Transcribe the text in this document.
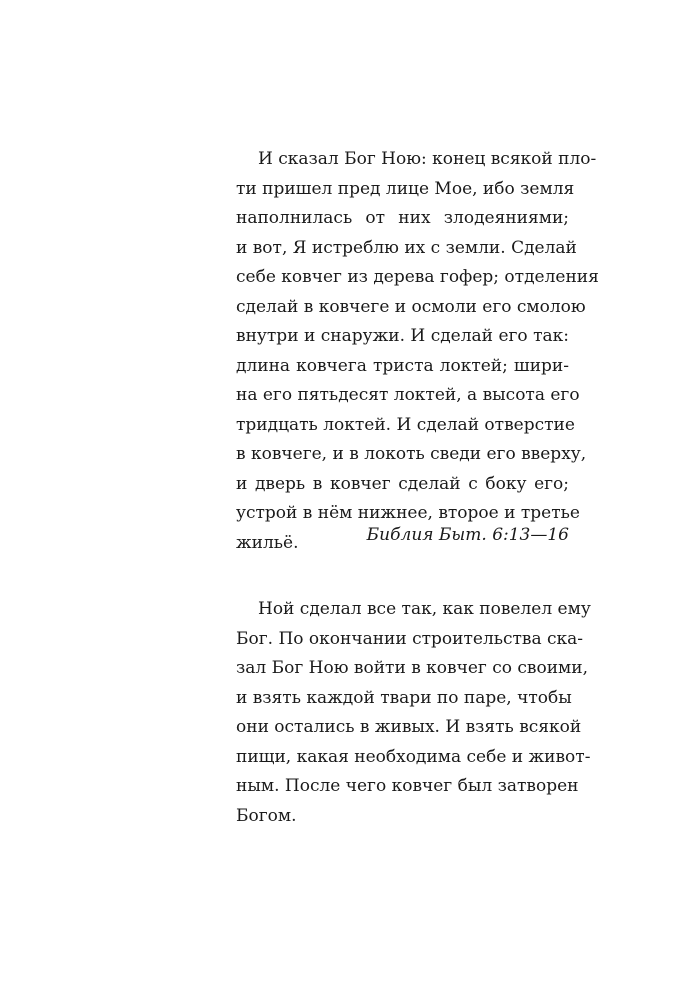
И сказал Бог Ною: конец всякой пло-
ти пришел пред лице Мое, ибо земля
наполнилась от них злодеяниями;
и вот, Я истреблю их с земли. Сделай
себе ковчег из дерева гофер; отделения
сделай в ковчеге и осмоли его смолою
внутри и снаружи. И сделай его так:
длина ковчега триста локтей; шири-
на его пятьдесят локтей, а высота его
тридцать локтей. И сделай отверстие
в ковчеге, и в локоть сведи его вверху,
и дверь в ковчег сделай с боку его;
устрой в нём нижнее, второе и третье
жильё.	Библия Быт. 6:13—16
Ной сделал все так, как повелел ему
Бог. По окончании строительства ска-
зал Бог Ною войти в ковчег со своими,
и взять каждой твари по паре, чтобы
они остались в живых. И взять всякой
пищи, какая необходима себе и живот-
ным. После чего ковчег был затворен
Богом.
